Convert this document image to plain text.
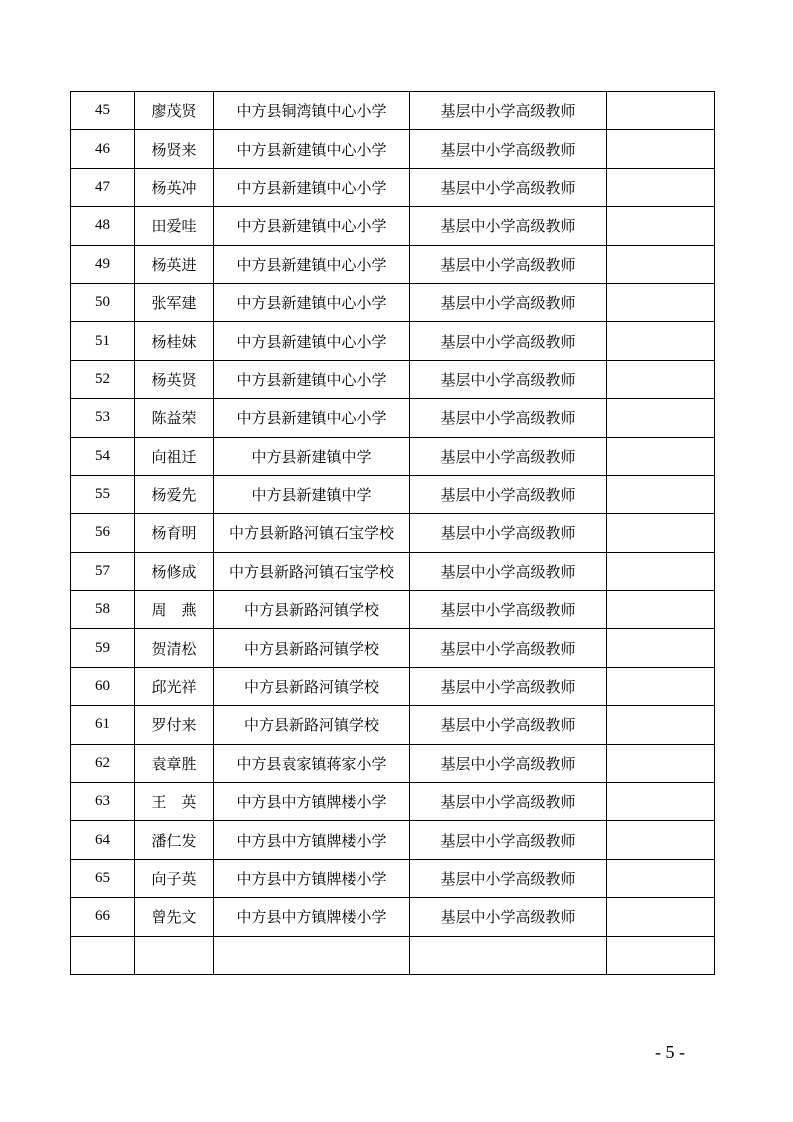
45	廖茂贤	中方县铜湾镇中心小学	基层中小学高级教师	
46	杨贤来	中方县新建镇中心小学	基层中小学高级教师	
47	杨英冲	中方县新建镇中心小学	基层中小学高级教师	
48	田爱哇	中方县新建镇中心小学	基层中小学高级教师	
49	杨英进	中方县新建镇中心小学	基层中小学高级教师	
50	张军建	中方县新建镇中心小学	基层中小学高级教师	
51	杨桂妹	中方县新建镇中心小学	基层中小学高级教师	
52	杨英贤	中方县新建镇中心小学	基层中小学高级教师	
53	陈益荣	中方县新建镇中心小学	基层中小学高级教师	
54	向祖迁	中方县新建镇中学	基层中小学高级教师	
55	杨爱先	中方县新建镇中学	基层中小学高级教师	
56	杨育明	中方县新路河镇石宝学校	基层中小学高级教师	
57	杨修成	中方县新路河镇石宝学校	基层中小学高级教师	
58	周　燕	中方县新路河镇学校	基层中小学高级教师	
59	贺清松	中方县新路河镇学校	基层中小学高级教师	
60	邱光祥	中方县新路河镇学校	基层中小学高级教师	
61	罗付来	中方县新路河镇学校	基层中小学高级教师	
62	袁章胜	中方县袁家镇蒋家小学	基层中小学高级教师	
63	王　英	中方县中方镇牌楼小学	基层中小学高级教师	
64	潘仁发	中方县中方镇牌楼小学	基层中小学高级教师	
65	向子英	中方县中方镇牌楼小学	基层中小学高级教师	
66	曾先文	中方县中方镇牌楼小学	基层中小学高级教师	

- 5 -
